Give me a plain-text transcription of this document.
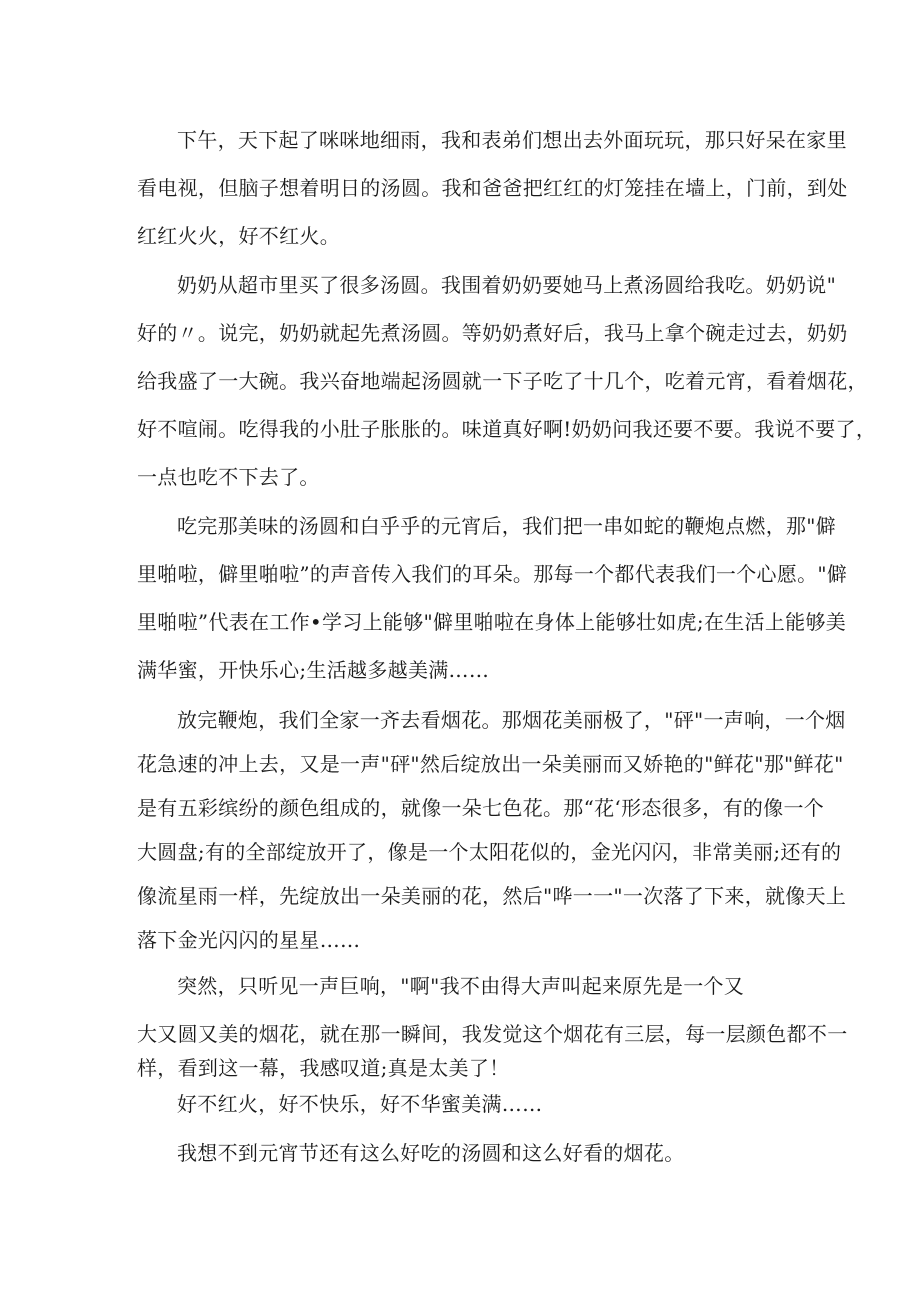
下午，天下起了咪咪地细雨，我和表弟们想出去外面玩玩，那只好呆在家里
看电视，但脑子想着明日的汤圆。我和爸爸把红红的灯笼挂在墙上，门前，到处
红红火火，好不红火。
奶奶从超市里买了很多汤圆。我围着奶奶要她马上煮汤圆给我吃。奶奶说"
好的〃。说完，奶奶就起先煮汤圆。等奶奶煮好后，我马上拿个碗走过去，奶奶
给我盛了一大碗。我兴奋地端起汤圆就一下子吃了十几个，吃着元宵，看着烟花，
好不喧闹。吃得我的小肚子胀胀的。味道真好啊!奶奶问我还要不要。我说不要了，
一点也吃不下去了。
吃完那美味的汤圆和白乎乎的元宵后，我们把一串如蛇的鞭炮点燃，那"僻
里啪啦，僻里啪啦”的声音传入我们的耳朵。那每一个都代表我们一个心愿。"僻
里啪啦”代表在工作•学习上能够"僻里啪啦在身体上能够壮如虎;在生活上能够美
满华蜜，开快乐心;生活越多越美满……
放完鞭炮，我们全家一齐去看烟花。那烟花美丽极了，"砰"一声响，一个烟
花急速的冲上去，又是一声"砰"然后绽放出一朵美丽而又娇艳的"鲜花"那"鲜花"
是有五彩缤纷的颜色组成的，就像一朵七色花。那“花‘形态很多，有的像一个
大圆盘;有的全部绽放开了，像是一个太阳花似的，金光闪闪，非常美丽;还有的
像流星雨一样，先绽放出一朵美丽的花，然后"哗一一"一次落了下来，就像天上
落下金光闪闪的星星……
突然，只听见一声巨响，"啊"我不由得大声叫起来原先是一个又
大又圆又美的烟花，就在那一瞬间，我发觉这个烟花有三层，每一层颜色都不一
样，看到这一幕，我感叹道;真是太美了！
好不红火，好不快乐，好不华蜜美满……
我想不到元宵节还有这么好吃的汤圆和这么好看的烟花。
